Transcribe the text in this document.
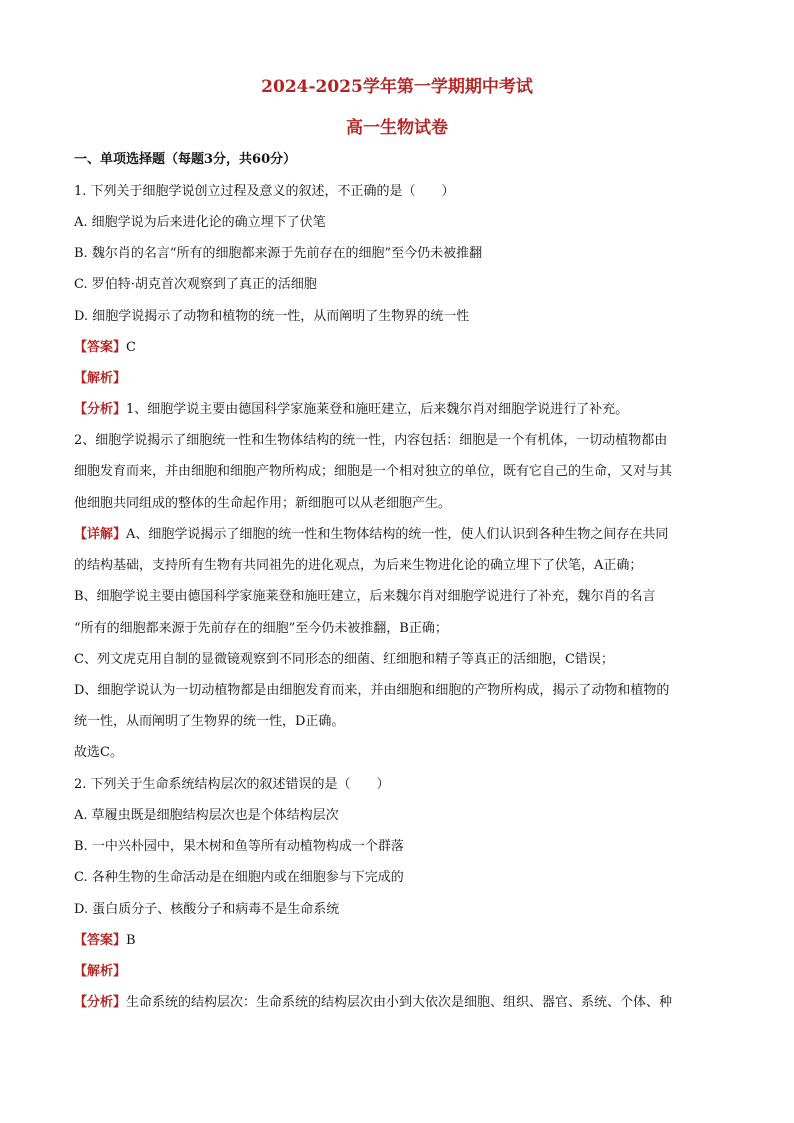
2024-2025学年第一学期期中考试
高一生物试卷
一、单项选择题（每题3分，共60分）
1. 下列关于细胞学说创立过程及意义的叙述，不正确的是（　　）
A. 细胞学说为后来进化论的确立埋下了伏笔
B. 魏尔肖的名言“所有的细胞都来源于先前存在的细胞”至今仍未被推翻
C. 罗伯特·胡克首次观察到了真正的活细胞
D. 细胞学说揭示了动物和植物的统一性，从而阐明了生物界的统一性
【答案】C
【解析】
【分析】1、细胞学说主要由德国科学家施莱登和施旺建立，后来魏尔肖对细胞学说进行了补充。
2、细胞学说揭示了细胞统一性和生物体结构的统一性，内容包括：细胞是一个有机体，一切动植物都由
细胞发育而来，并由细胞和细胞产物所构成；细胞是一个相对独立的单位，既有它自己的生命，又对与其
他细胞共同组成的整体的生命起作用；新细胞可以从老细胞产生。
【详解】A、细胞学说揭示了细胞的统一性和生物体结构的统一性，使人们认识到各种生物之间存在共同
的结构基础，支持所有生物有共同祖先的进化观点，为后来生物进化论的确立埋下了伏笔，A正确；
B、细胞学说主要由德国科学家施莱登和施旺建立，后来魏尔肖对细胞学说进行了补充，魏尔肖的名言
“所有的细胞都来源于先前存在的细胞”至今仍未被推翻，B正确；
C、列文虎克用自制的显微镜观察到不同形态的细菌、红细胞和精子等真正的活细胞，C错误；
D、细胞学说认为一切动植物都是由细胞发育而来，并由细胞和细胞的产物所构成，揭示了动物和植物的
统一性，从而阐明了生物界的统一性，D正确。
故选C。
2. 下列关于生命系统结构层次的叙述错误的是（　　）
A. 草履虫既是细胞结构层次也是个体结构层次
B. 一中兴朴园中，果木树和鱼等所有动植物构成一个群落
C. 各种生物的生命活动是在细胞内或在细胞参与下完成的
D. 蛋白质分子、核酸分子和病毒不是生命系统
【答案】B
【解析】
【分析】生命系统的结构层次：生命系统的结构层次由小到大依次是细胞、组织、器官、系统、个体、种
